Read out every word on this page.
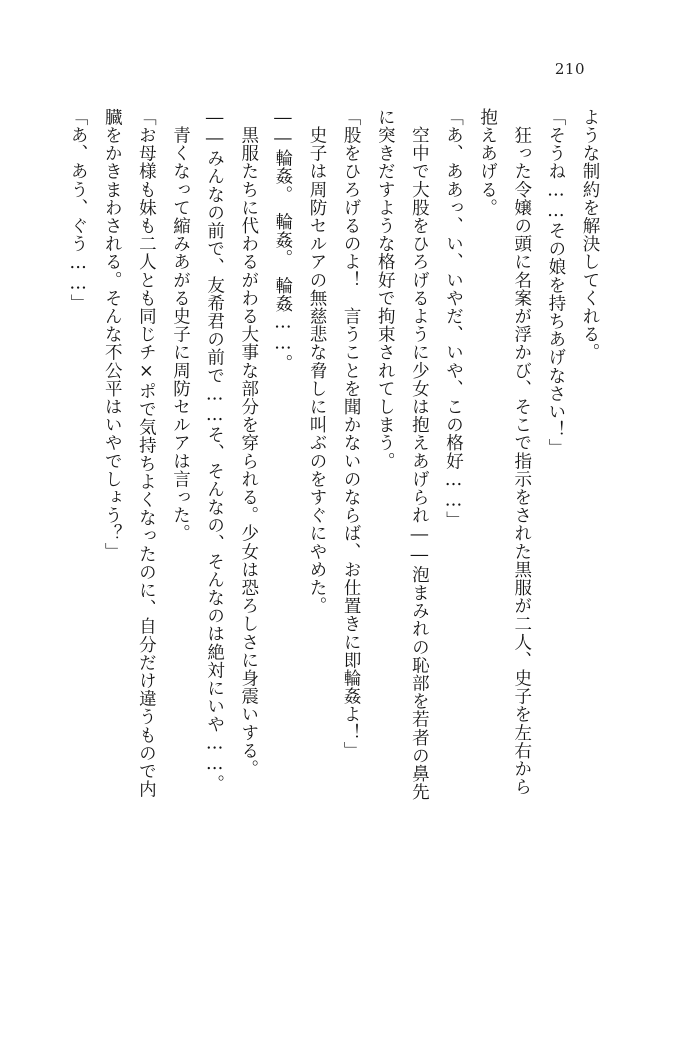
210
ような制約を解決してくれる。
「そうね……その娘を持ちあげなさい！」
　狂った令嬢の頭に名案が浮かび、そこで指示をされた黒服が二人、史子を左右から
抱えあげる。
「あ、ああっ、い、いやだ、いや、この格好……」
　空中で大股をひろげるように少女は抱えあげられ――泡まみれの恥部を若者の鼻先
に突きだすような格好で拘束されてしまう。
「股をひろげるのよ！　言うことを聞かないのならば、お仕置きに即輪姦よ！」
　史子は周防セルアの無慈悲な脅しに叫ぶのをすぐにやめた。
――輪姦。　輪姦。　輪姦……。
　黒服たちに代わるがわる大事な部分を穿られる。少女は恐ろしさに身震いする。
――みんなの前で、友希君の前で……そ、そんなの、そんなのは絶対にいや……。
　青くなって縮みあがる史子に周防セルアは言った。
「お母様も妹も二人とも同じチ×ポで気持ちよくなったのに、自分だけ違うもので内
臓をかきまわされる。そんな不公平はいやでしょう？」
「あ、あう、ぐう……」
